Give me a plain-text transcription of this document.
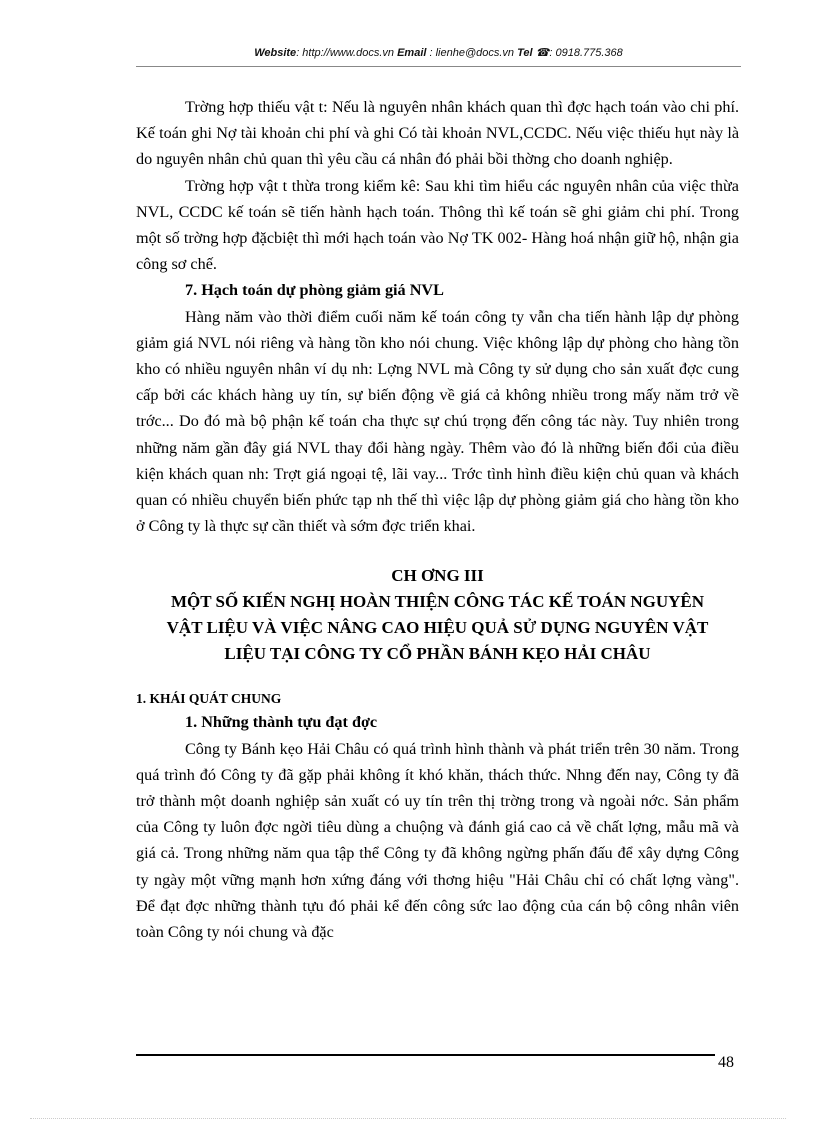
Website: http://www.docs.vn Email : lienhe@docs.vn Tel ☎: 0918.775.368

Trờng hợp thiếu vật t: Nếu là nguyên nhân khách quan thì đợc hạch toán vào chi phí. Kế toán ghi Nợ tài khoản chi phí và ghi Có tài khoản NVL,CCDC. Nếu việc thiếu hụt này là do nguyên nhân chủ quan thì yêu cầu cá nhân đó phải bồi thờng cho doanh nghiệp.

Trờng hợp vật t thừa trong kiểm kê: Sau khi tìm hiểu các nguyên nhân của việc thừa NVL, CCDC kế toán sẽ tiến hành hạch toán. Thông thì kế toán sẽ ghi giảm chi phí. Trong một số trờng hợp đặcbiệt thì mới hạch toán vào Nợ TK 002- Hàng hoá nhận giữ hộ, nhận gia công sơ chế.

7. Hạch toán dự phòng giảm giá NVL

Hàng năm vào thời điểm cuối năm kế toán công ty vẫn cha tiến hành lập dự phòng giảm giá NVL nói riêng và hàng tồn kho nói chung. Việc không lập dự phòng cho hàng tồn kho có nhiều nguyên nhân ví dụ nh: Lợng NVL mà Công ty sử dụng cho sản xuất đợc cung cấp bởi các khách hàng uy tín, sự biến động về giá cả không nhiều trong mấy năm trở về trớc... Do đó mà bộ phận kế toán cha thực sự chú trọng đến công tác này. Tuy nhiên trong những năm gần đây giá NVL thay đổi hàng ngày. Thêm vào đó là những biến đổi của điều kiện khách quan nh: Trợt giá ngoại tệ, lãi vay... Trớc tình hình điều kiện chủ quan và khách quan có nhiều chuyển biến phức tạp nh thế thì việc lập dự phòng giảm giá cho hàng tồn kho ở Công ty là thực sự cần thiết và sớm đợc triển khai.

CH ƠNG III
MỘT SỐ KIẾN NGHỊ HOÀN THIỆN CÔNG TÁC KẾ TOÁN NGUYÊN
VẬT LIỆU VÀ VIỆC NÂNG CAO HIỆU QUẢ SỬ DỤNG NGUYÊN VẬT
LIỆU TẠI CÔNG TY CỔ PHẦN BÁNH KẸO HẢI CHÂU
1. KHÁI QUÁT CHUNG
1. Những thành tựu đạt đợc

Công ty Bánh kẹo Hải Châu có quá trình hình thành và phát triển trên 30 năm. Trong quá trình đó Công ty đã gặp phải không ít khó khăn, thách thức. Nhng đến nay, Công ty đã trở thành một doanh nghiệp sản xuất có uy tín trên thị trờng trong và ngoài nớc. Sản phẩm của Công ty luôn đợc ngời tiêu dùng a chuộng và đánh giá cao cả về chất lợng, mẫu mã và giá cả. Trong những năm qua tập thể Công ty đã không ngừng phấn đấu để xây dựng Công ty ngày một vững mạnh hơn xứng đáng với thơng hiệu "Hải Châu chỉ có chất lợng vàng". Để đạt đợc những thành tựu đó phải kể đến công sức lao động của cán bộ công nhân viên toàn Công ty nói chung và đặc

48
